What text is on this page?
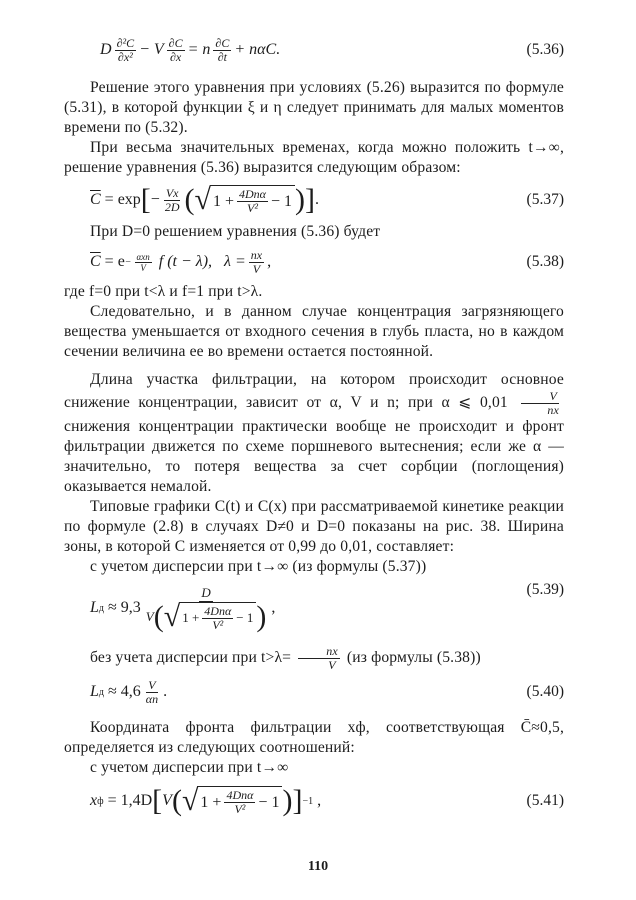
D $\frac{\text{∂²C}}{\text{∂x²}} - V \frac{\partial C}{\partial x} = n \frac{\partial C}{\partial t} + n\alpha C$.	(5.36)

Решение этого уравнения при условиях (5.26) выразится по формуле (5.31), в которой функции ξ и η следует принимать для малых моментов времени по (5.32).

При весьма значительных временах, когда можно положить t→∞, решение уравнения (5.36) выразится следующим образом:

$\overline{C}$
= exp [ − $\frac{Vx}{2D}$ ( √ $1 + \frac{\text{4Dnα}}{\text{V²}} - 1$ ) ] .	(5.37)

При D=0 решением уравнения (5.36) будет

$\overline{C}$
= $e - \frac{\text{αxn}}{V}$
f (t − λ),
$\lambda = \frac{nx}{V}$ ,	(5.38)

где f=0 при t<λ и f=1 при t>λ.

Следовательно, и в данном случае концентрация загрязняющего вещества уменьшается от входного сечения в глубь пласта, но в каждом сечении величина ее во времени остается постоянной.

Длина участка фильтрации, на котором происходит основное снижение концентрации, зависит от α, V и n; при α ⩽ $0,01 \frac{V}{nx}$
снижения концентрации практически вообще не происходит и фронт фильтрации движется по схеме поршневого вытеснения; если же α — значительно, то потеря вещества за счет сорбции (поглощения) оказывается немалой.

Типовые графики C(t) и C(x) при рассматриваемой кинетике реакции по формуле (2.8) в случаях D≠0 и D=0 показаны на рис. 38. Ширина зоны, в которой C изменяется от 0,99 до 0,01, составляет:

с учетом дисперсии при t→∞ (из формулы (5.37))

L д
≈ $9,3 \frac{D}{V ( √ 1 + \frac{\text{4Dnα}}{\text{V²}} - 1 )}$ ,
(5.39)

без учета дисперсии при $t>\lambda= \frac{nx}{V} (из$ формулы (5.38))

L д
≈ $4,6 \frac{V}{\alpha n}$ .	(5.40)

Координата фронта фильтрации xф, соответствующая C̄≈0,5, определяется из следующих соотношений:

с учетом дисперсии при t→∞

x ф
= 1,4D [ V ( √ $1 + \frac{\text{4Dnα}}{\text{V²}} - 1$ ) ] −1
,	(5.41)
110
